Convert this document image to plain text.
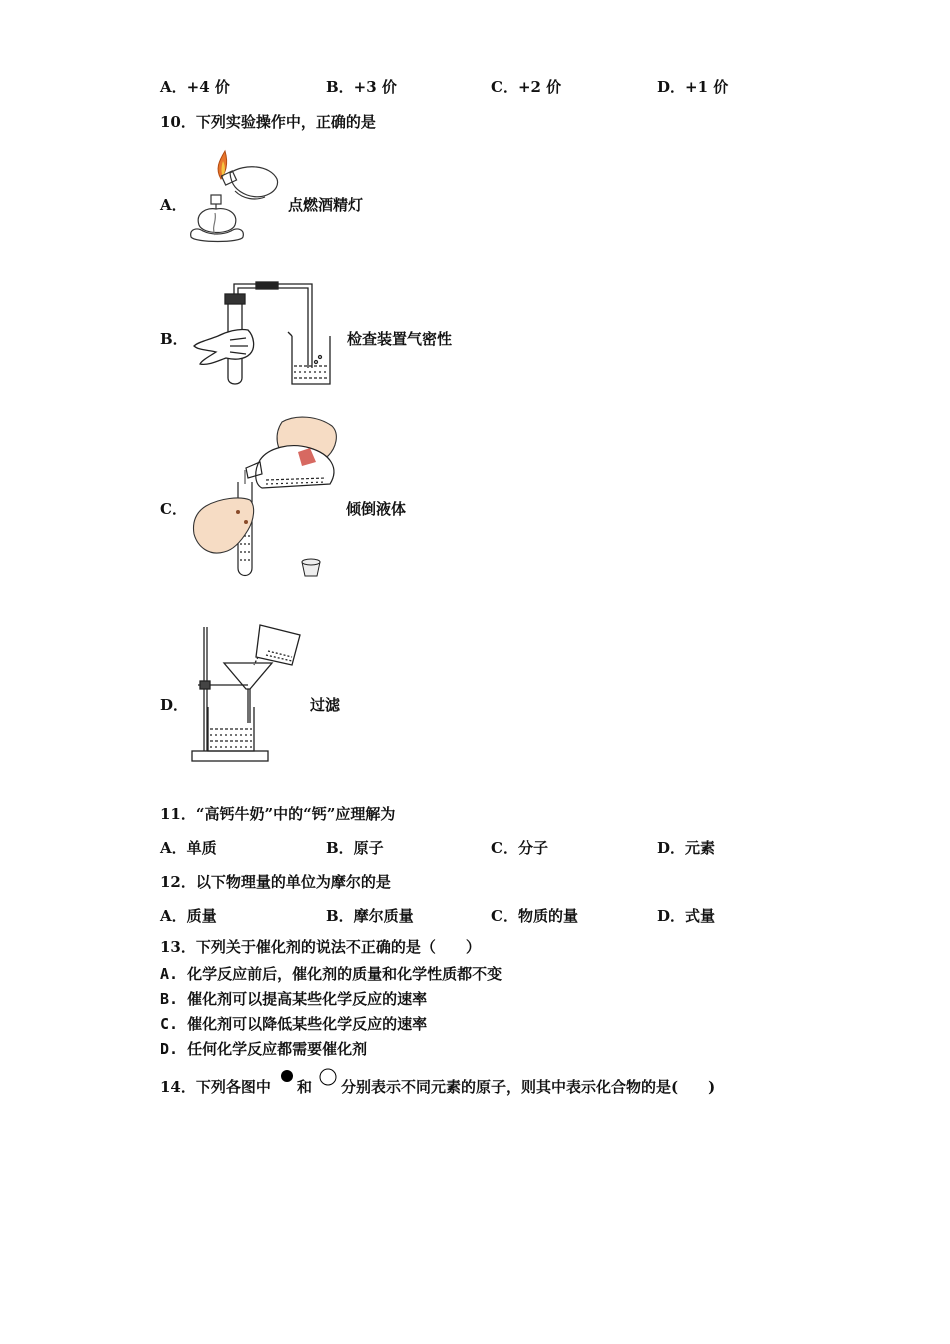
A．+4 价	B．+3 价	C．+2 价	D．+1 价
10．下列实验操作中，正确的是
A．	点燃酒精灯
B．	检查装置气密性
C．	倾倒液体
D．	过滤
11．“高钙牛奶”中的“钙”应理解为
A．单质	B．原子	C．分子	D．元素
12．以下物理量的单位为摩尔的是
A．质量	B．摩尔质量	C．物质的量	D．式量
13．下列关于催化剂的说法不正确的是（　　）
A. 化学反应前后，催化剂的质量和化学性质都不变
B. 催化剂可以提高某些化学反应的速率
C. 催化剂可以降低某些化学反应的速率
D. 任何化学反应都需要催化剂
14．下列各图中 和 分别表示不同元素的原子，则其中表示化合物的是(　　)
